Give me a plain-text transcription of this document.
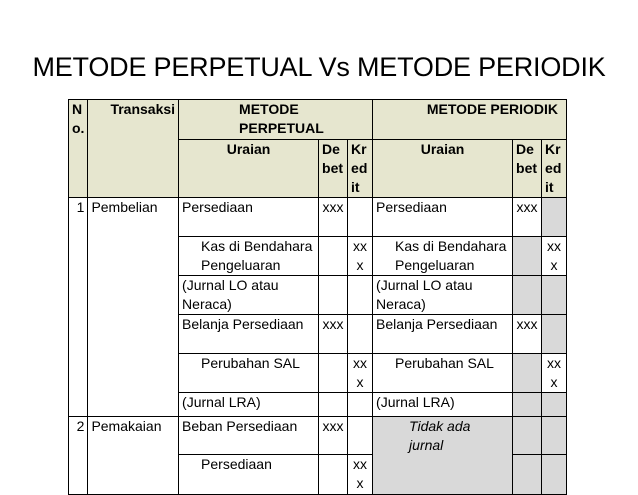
METODE PERPETUAL Vs METODE PERIODIK
No.	Transaksi	METODE PERPETUAL			METODE PERIODIK		
		Uraian	Debet	Kredit	Uraian	Debet	Kredit
1	Pembelian	Persediaan	xxx		Persediaan	xxx	
		Kas di Bendahara Pengeluaran		xxx	Kas di Bendahara Pengeluaran		xxx
		(Jurnal LO atau Neraca)			(Jurnal LO atau Neraca)		
		Belanja Persediaan	xxx		Belanja Persediaan	xxx	
		Perubahan SAL		xxx	Perubahan SAL		xxx
		(Jurnal LRA)			(Jurnal LRA)		
2	Pemakaian	Beban Persediaan	xxx		Tidak ada jurnal		
		Persediaan		xxx			
